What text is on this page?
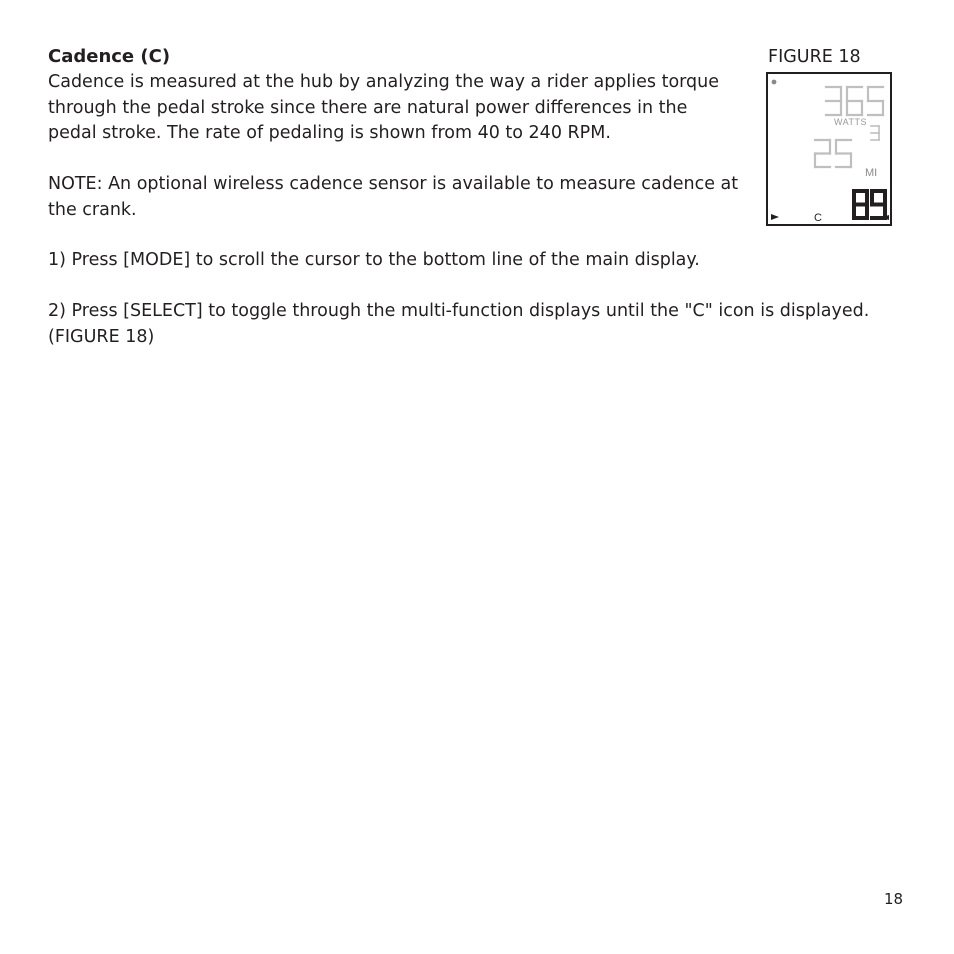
Cadence (C)

Cadence is measured at the hub by analyzing the way a rider applies torque
through the pedal stroke since there are natural power differences in the
pedal stroke. The rate of pedaling is shown from 40 to 240 RPM.

NOTE: An optional wireless cadence sensor is available to measure cadence at
the crank.

1) Press [MODE] to scroll the cursor to the bottom line of the main display.

2) Press [SELECT] to toggle through the multi-function displays until the "C" icon is displayed.
(FIGURE 18)

FIGURE 18

WATTS
MI
C

18
